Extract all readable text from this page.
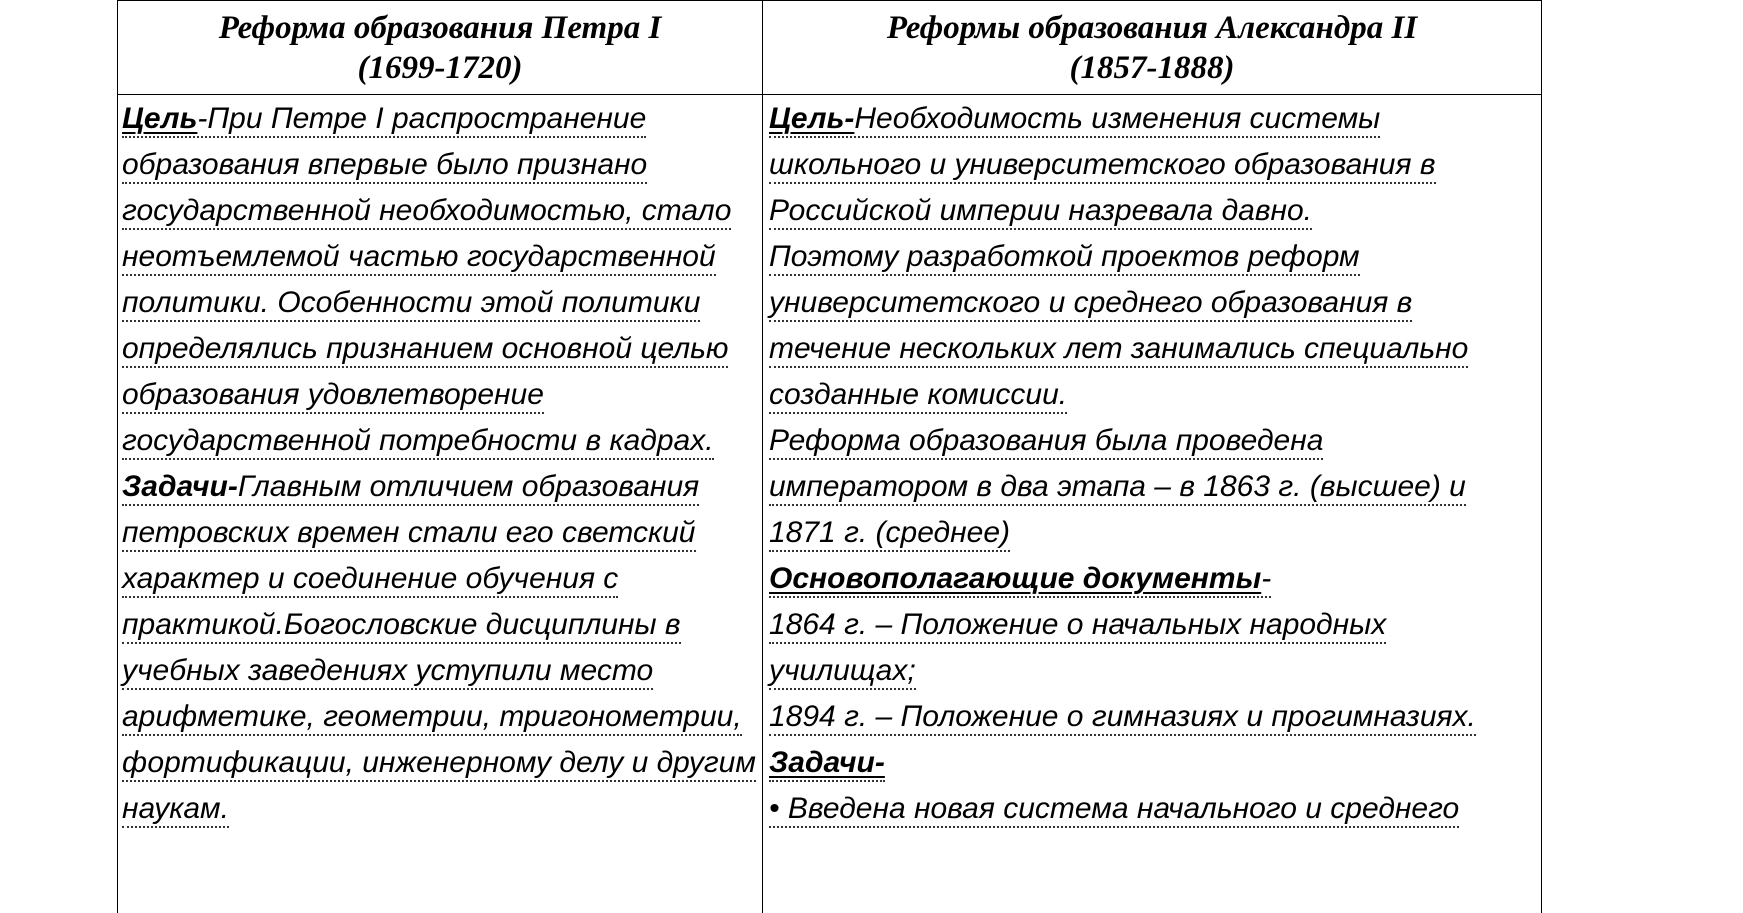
Реформа образования Петра I
(1699-1720)
Реформы образования Александра II
(1857-1888)
Цель-При Петре I распространение
образования впервые было признано
государственной необходимостью, стало
неотъемлемой частью государственной
политики. Особенности этой политики
определялись признанием основной целью
образования удовлетворение
государственной потребности в кадрах.
Задачи-Главным отличием образования
петровских времен стали его светский
характер и соединение обучения с
практикой.Богословские дисциплины в
учебных заведениях уступили место
арифметике, геометрии, тригонометрии,
фортификации, инженерному делу и другим
наукам.
Цель-Необходимость изменения системы
школьного и университетского образования в
Российской империи назревала давно.
Поэтому разработкой проектов реформ
университетского и среднего образования в
течение нескольких лет занимались специально
созданные комиссии.
Реформа образования была проведена
императором в два этапа – в 1863 г. (высшее) и
1871 г. (среднее)
Основополагающие документы-
1864 г. – Положение о начальных народных
училищах;
1894 г. – Положение о гимназиях и прогимназиях.
Задачи-
• Введена новая система начального и среднего
